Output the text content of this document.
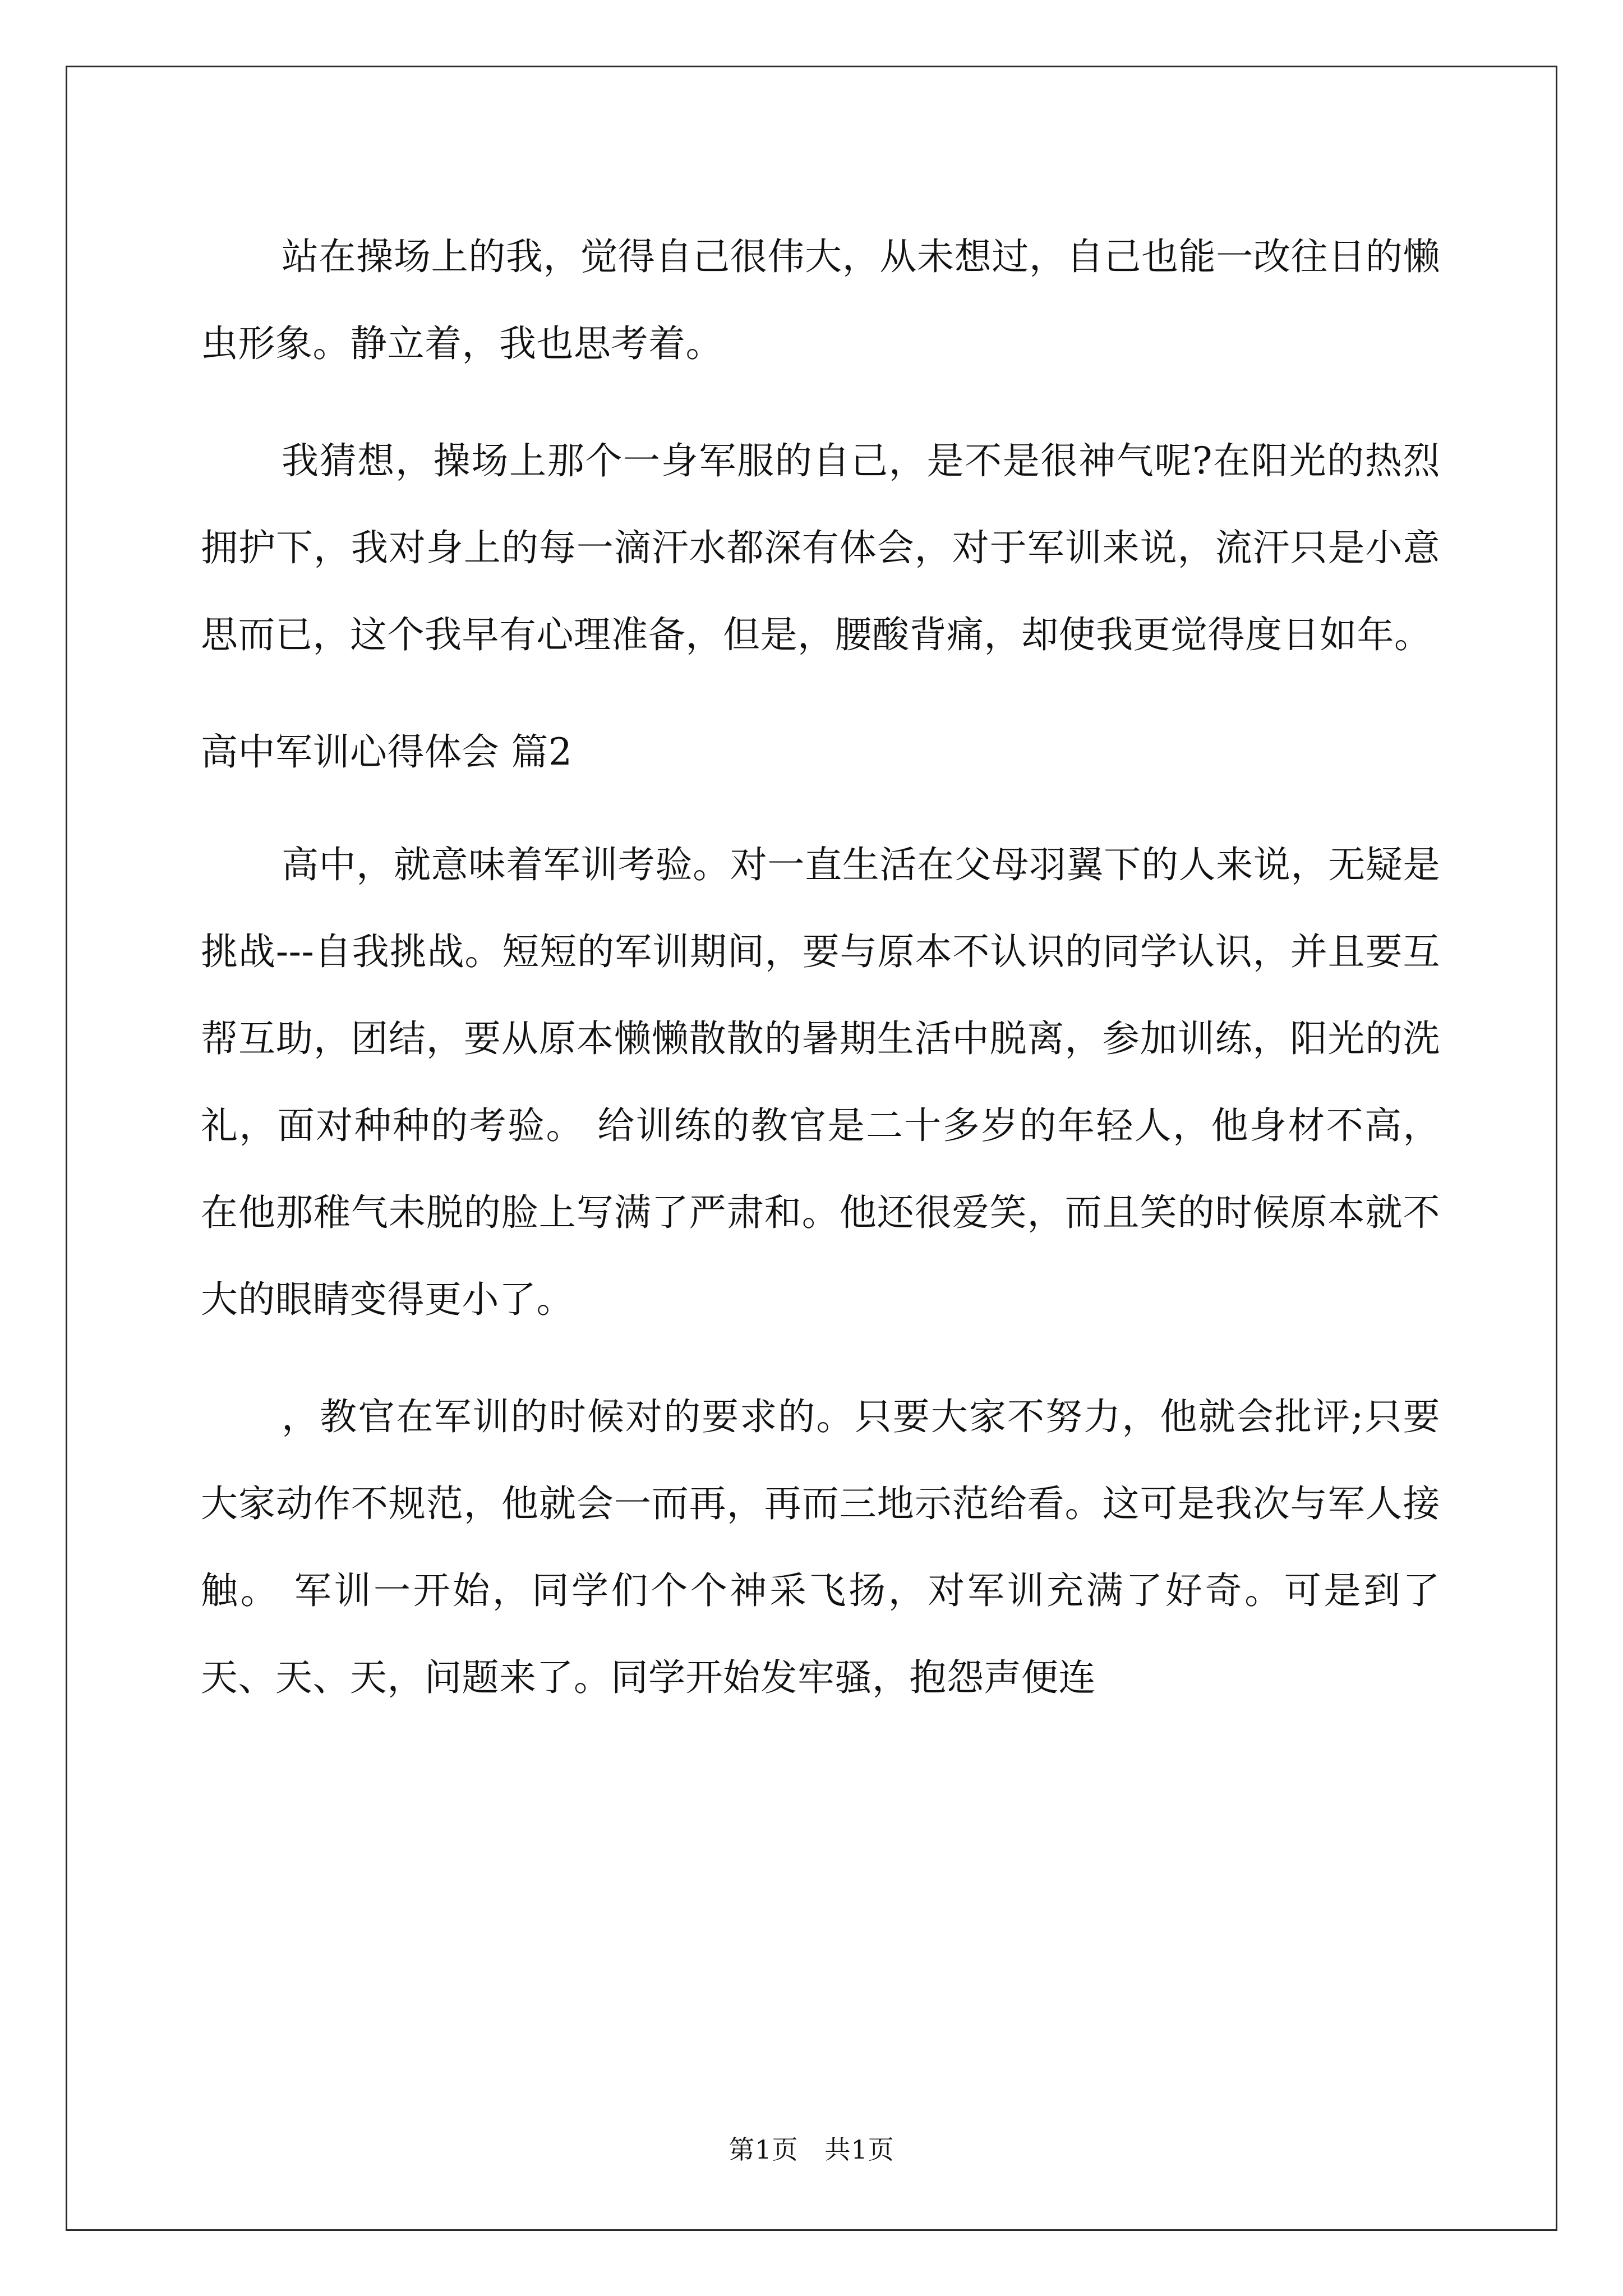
站在操场上的我，觉得自己很伟大，从未想过，自己也能一改往日的懒虫形象。静立着，我也思考着。

我猜想，操场上那个一身军服的自己，是不是很神气呢?在阳光的热烈拥护下，我对身上的每一滴汗水都深有体会，对于军训来说，流汗只是小意思而已，这个我早有心理准备，但是，腰酸背痛，却使我更觉得度日如年。

高中军训心得体会 篇2

高中，就意味着军训考验。对一直生活在父母羽翼下的人来说，无疑是挑战---自我挑战。短短的军训期间，要与原本不认识的同学认识，并且要互帮互助，团结，要从原本懒懒散散的暑期生活中脱离，参加训练，阳光的洗礼，面对种种的考验。 给训练的教官是二十多岁的年轻人，他身材不高，在他那稚气未脱的脸上写满了严肃和。他还很爱笑，而且笑的时候原本就不大的眼睛变得更小了。

，教官在军训的时候对的要求的。只要大家不努力，他就会批评;只要大家动作不规范，他就会一而再，再而三地示范给看。这可是我次与军人接触。 军训一开始，同学们个个神采飞扬，对军训充满了好奇。可是到了天、天、天，问题来了。同学开始发牢骚，抱怨声便连

第1页   共1页
